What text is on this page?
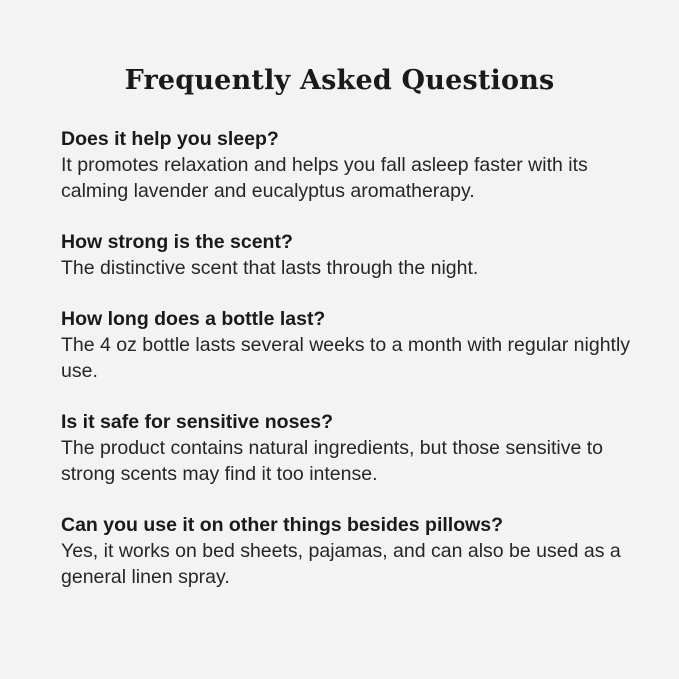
Frequently Asked Questions

Does it help you sleep?

It promotes relaxation and helps you fall asleep faster with its calming lavender and eucalyptus aromatherapy.

How strong is the scent?

The distinctive scent that lasts through the night.

How long does a bottle last?

The 4 oz bottle lasts several weeks to a month with regular nightly use.

Is it safe for sensitive noses?

The product contains natural ingredients, but those sensitive to strong scents may find it too intense.

Can you use it on other things besides pillows?

Yes, it works on bed sheets, pajamas, and can also be used as a general linen spray.
